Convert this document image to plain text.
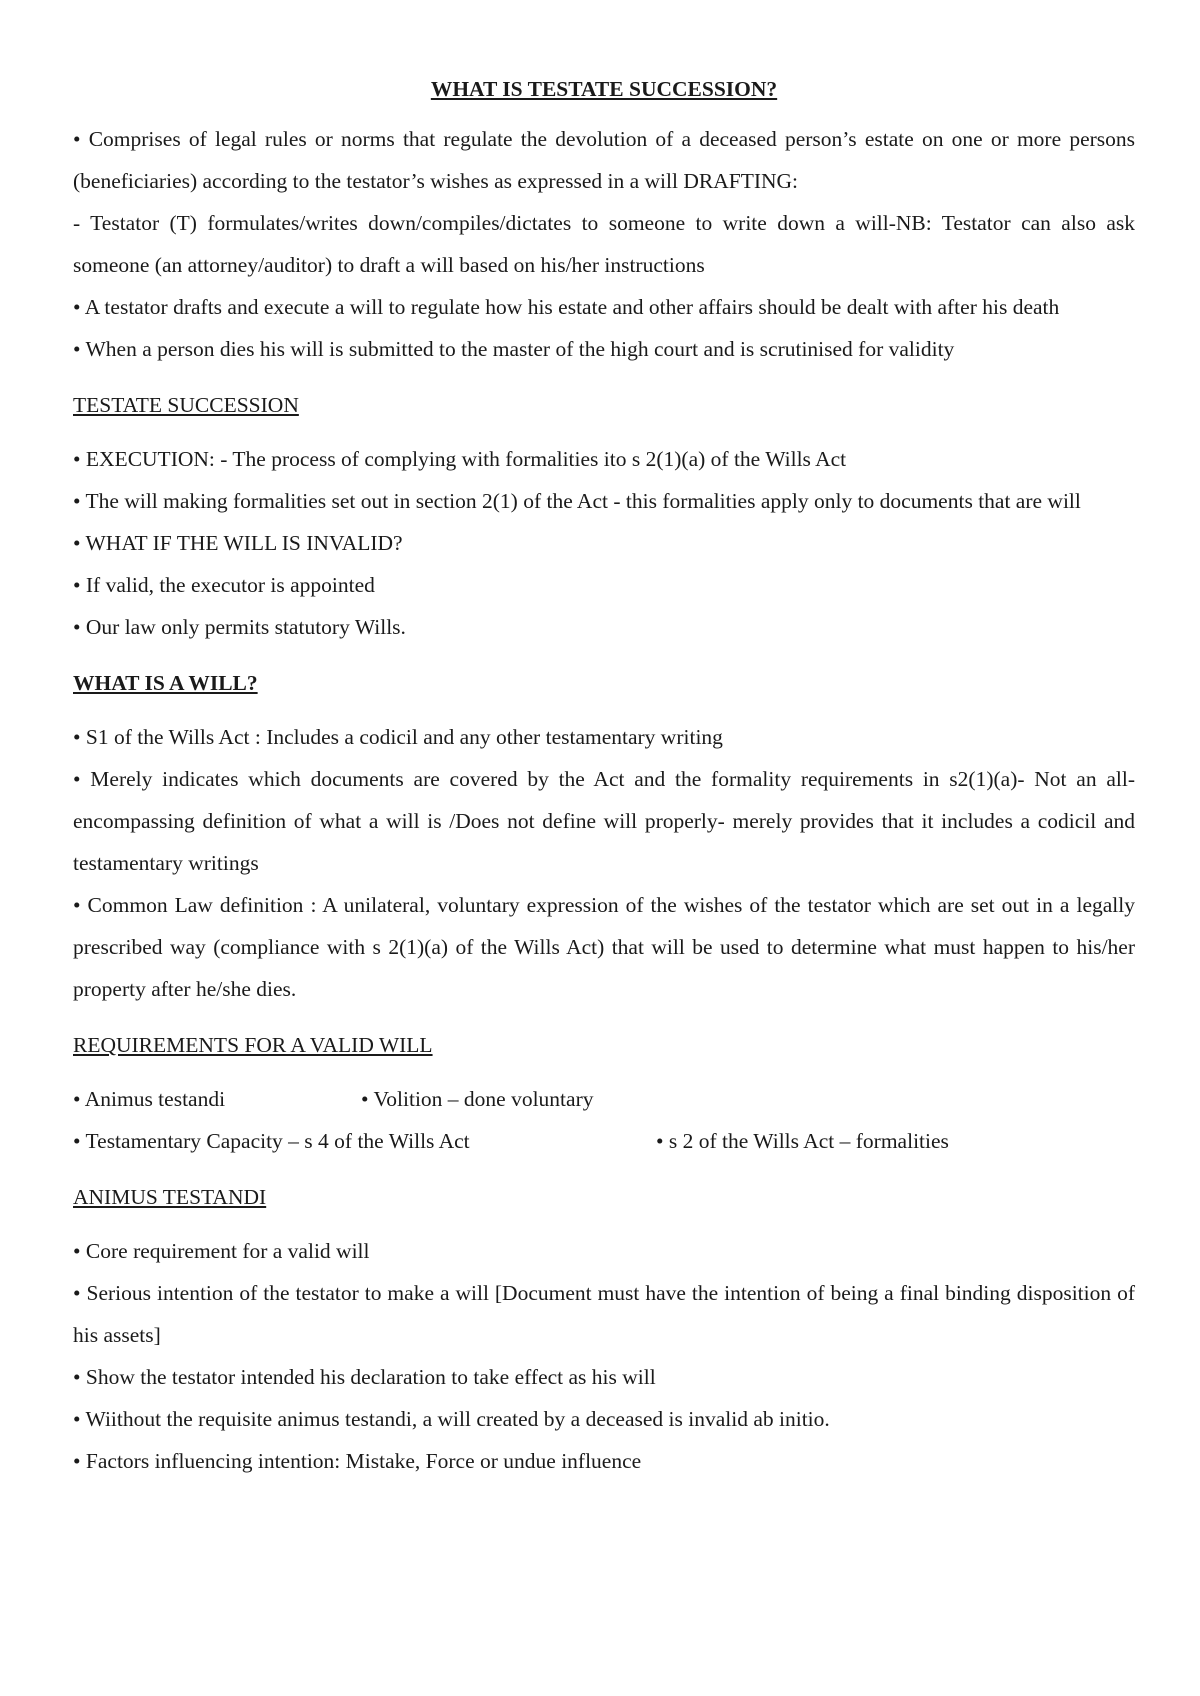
WHAT IS TESTATE SUCCESSION?

• Comprises of legal rules or norms that regulate the devolution of a deceased person’s estate on one or more persons (beneficiaries) according to the testator’s wishes as expressed in a will DRAFTING:

- Testator (T) formulates/writes down/compiles/dictates to someone to write down a will-NB: Testator can also ask someone (an attorney/auditor) to draft a will based on his/her instructions

• A testator drafts and execute a will to regulate how his estate and other affairs should be dealt with after his death

• When a person dies his will is submitted to the master of the high court and is scrutinised for validity

TESTATE SUCCESSION

• EXECUTION: - The process of complying with formalities ito s 2(1)(a) of the Wills Act

• The will making formalities set out in section 2(1) of the Act - this formalities apply only to documents that are will

• WHAT IF THE WILL IS INVALID?

• If valid, the executor is appointed

• Our law only permits statutory Wills.

WHAT IS A WILL?

• S1 of the Wills Act : Includes a codicil and any other testamentary writing

• Merely indicates which documents are covered by the Act and the formality requirements in s2(1)(a)- Not an all-encompassing definition of what a will is /Does not define will properly- merely provides that it includes a codicil and testamentary writings

• Common Law definition : A unilateral, voluntary expression of the wishes of the testator which are set out in a legally prescribed way (compliance with s 2(1)(a) of the Wills Act) that will be used to determine what must happen to his/her property after he/she dies.

REQUIREMENTS FOR A VALID WILL
• Animus testandi	• Volition – done voluntary
• Testamentary Capacity – s 4 of the Wills Act	• s 2 of the Wills Act – formalities
ANIMUS TESTANDI

• Core requirement for a valid will

• Serious intention of the testator to make a will [Document must have the intention of being a final binding disposition of his assets]

• Show the testator intended his declaration to take effect as his will

• Wiithout the requisite animus testandi, a will created by a deceased is invalid ab initio.

• Factors influencing intention: Mistake, Force or undue influence
